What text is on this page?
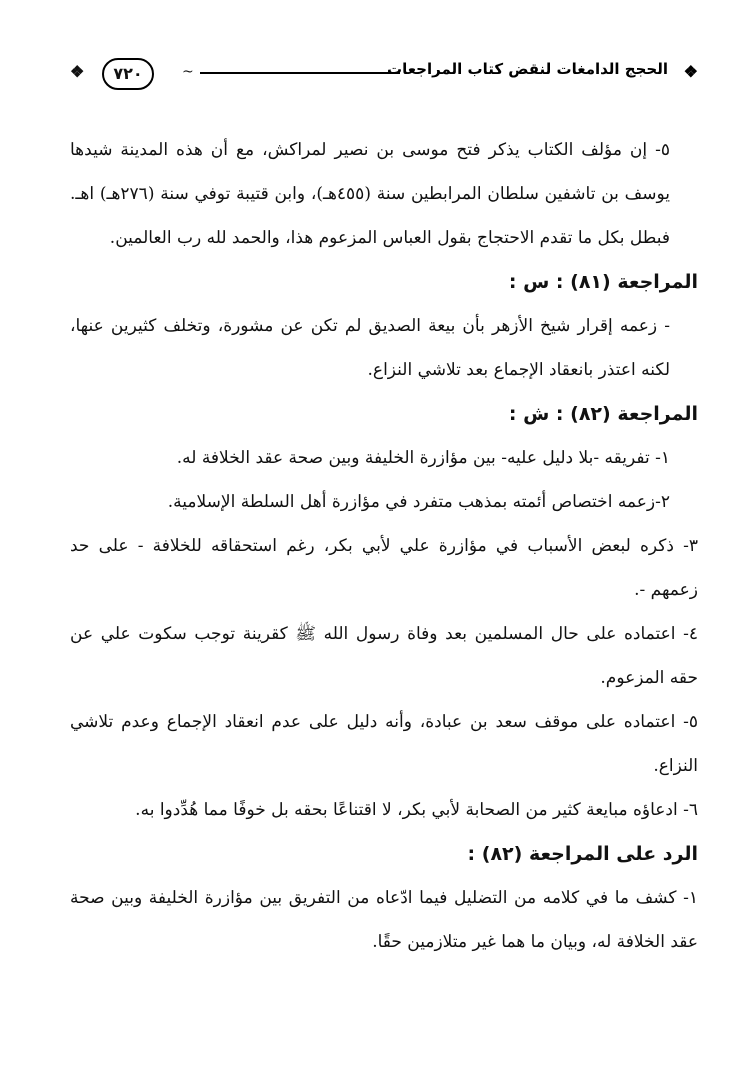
❖
الحجج الدامغات لنقض كتاب المراجعات
~
٧٢٠
❖

٥- إن مؤلف الكتاب يذكر فتح موسى بن نصير لمراكش، مع أن هذه المدينة شيدها يوسف بن تاشفين سلطان المرابطين سنة (٤٥٥هـ)، وابن قتيبة توفي سنة (٢٧٦هـ) اهـ. فبطل بكل ما تقدم الاحتجاج بقول العباس المزعوم هذا، والحمد لله رب العالمين.

المراجعة (٨١) : س :

- زعمه إقرار شيخ الأزهر بأن بيعة الصديق لم تكن عن مشورة، وتخلف كثيرين عنها، لكنه اعتذر بانعقاد الإجماع بعد تلاشي النزاع.

المراجعة (٨٢) : ش :

١- تفريقه -بلا دليل عليه- بين مؤازرة الخليفة وبين صحة عقد الخلافة له.

٢-زعمه اختصاص أئمته بمذهب متفرد في مؤازرة أهل السلطة الإسلامية.

٣- ذكره لبعض الأسباب في مؤازرة علي لأبي بكر، رغم استحقاقه للخلافة - على حد زعمهم -.

٤- اعتماده على حال المسلمين بعد وفاة رسول الله ﷺ كقرينة توجب سكوت علي عن حقه المزعوم.

٥- اعتماده على موقف سعد بن عبادة، وأنه دليل على عدم انعقاد الإجماع وعدم تلاشي النزاع.

٦- ادعاؤه مبايعة كثير من الصحابة لأبي بكر، لا اقتناعًا بحقه بل خوفًا مما هُدِّدوا به.

الرد على المراجعة (٨٢) :

١- كشف ما في كلامه من التضليل فيما ادّعاه من التفريق بين مؤازرة الخليفة وبين صحة عقد الخلافة له، وبيان ما هما غير متلازمين حقًا.
